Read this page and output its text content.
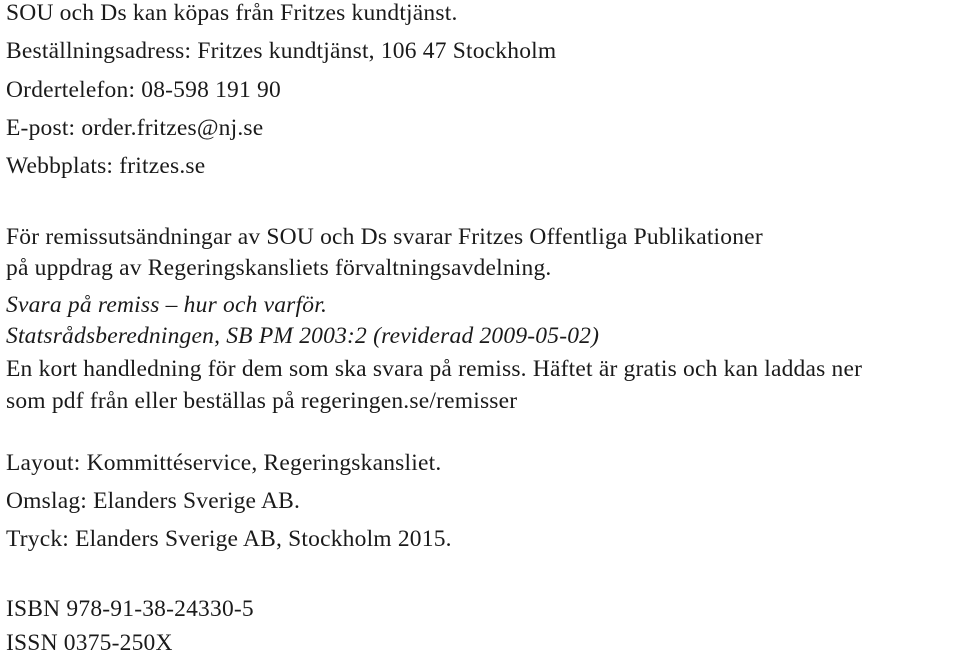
SOU och Ds kan köpas från Fritzes kundtjänst.
Beställningsadress: Fritzes kundtjänst, 106 47 Stockholm
Ordertelefon: 08-598 191 90
E-post: order.fritzes@nj.se
Webbplats: fritzes.se
För remissutsändningar av SOU och Ds svarar Fritzes Offentliga Publikationer
på uppdrag av Regeringskansliets förvaltningsavdelning.
Svara på remiss – hur och varför.
Statsrådsberedningen, SB PM 2003:2 (reviderad 2009-05-02)
En kort handledning för dem som ska svara på remiss. Häftet är gratis och kan laddas ner
som pdf från eller beställas på regeringen.se/remisser
Layout: Kommittéservice, Regeringskansliet.
Omslag: Elanders Sverige AB.
Tryck: Elanders Sverige AB, Stockholm 2015.
ISBN 978-91-38-24330-5
ISSN 0375-250X
